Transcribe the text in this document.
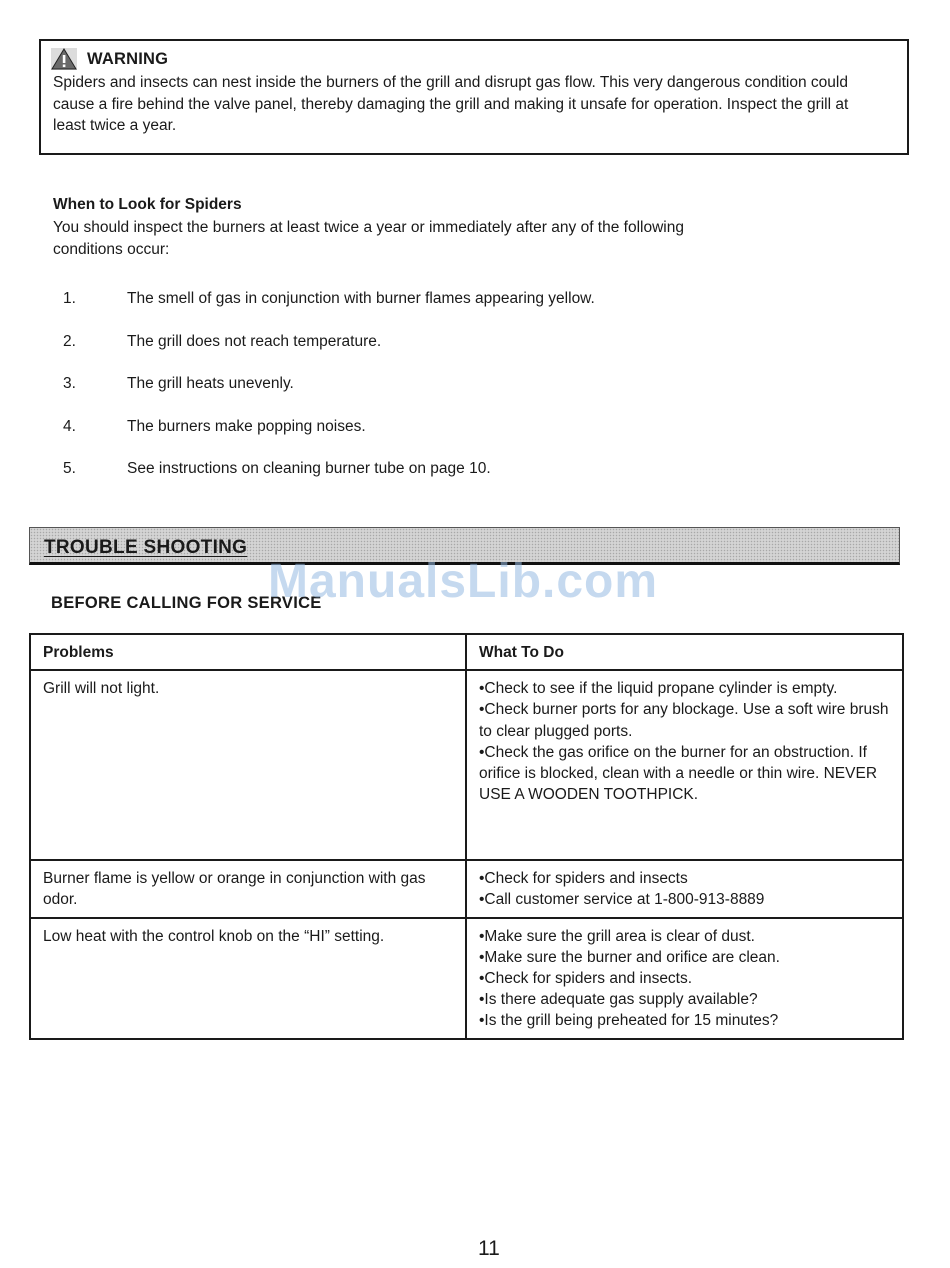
WARNING
Spiders and insects can nest inside the burners of the grill and disrupt gas flow. This very dangerous condition could cause a fire behind the valve panel, thereby damaging the grill and making it unsafe for operation. Inspect the grill at least twice a year.
When to Look for Spiders
You should inspect the burners at least twice a year or immediately after any of the following conditions occur:
1.	The smell of gas in conjunction with burner flames appearing yellow.
2.	The grill does not reach temperature.
3.	The grill heats unevenly.
4.	The burners make popping noises.
5.	See instructions on cleaning burner tube on page 10.
TROUBLE SHOOTING
BEFORE CALLING FOR SERVICE
Problems	What To Do
Grill will not light.	•Check to see if the liquid propane cylinder is empty.
•Check burner ports for any blockage. Use a soft wire brush to clear plugged ports.
•Check the gas orifice on the burner for an obstruction. If orifice is blocked, clean with a needle or thin wire. NEVER USE A WOODEN TOOTHPICK.

Burner flame is yellow or orange in conjunction with gas odor.	•Check for spiders and insects
•Call customer service at 1-800-913-8889

Low heat with the control knob on the “HI” setting.	•Make sure the grill area is clear of dust.
•Make sure the burner and orifice are clean.
•Check for spiders and insects.
•Is there adequate gas supply available?
•Is the grill being preheated for 15 minutes?
ManualsLib.com
11
